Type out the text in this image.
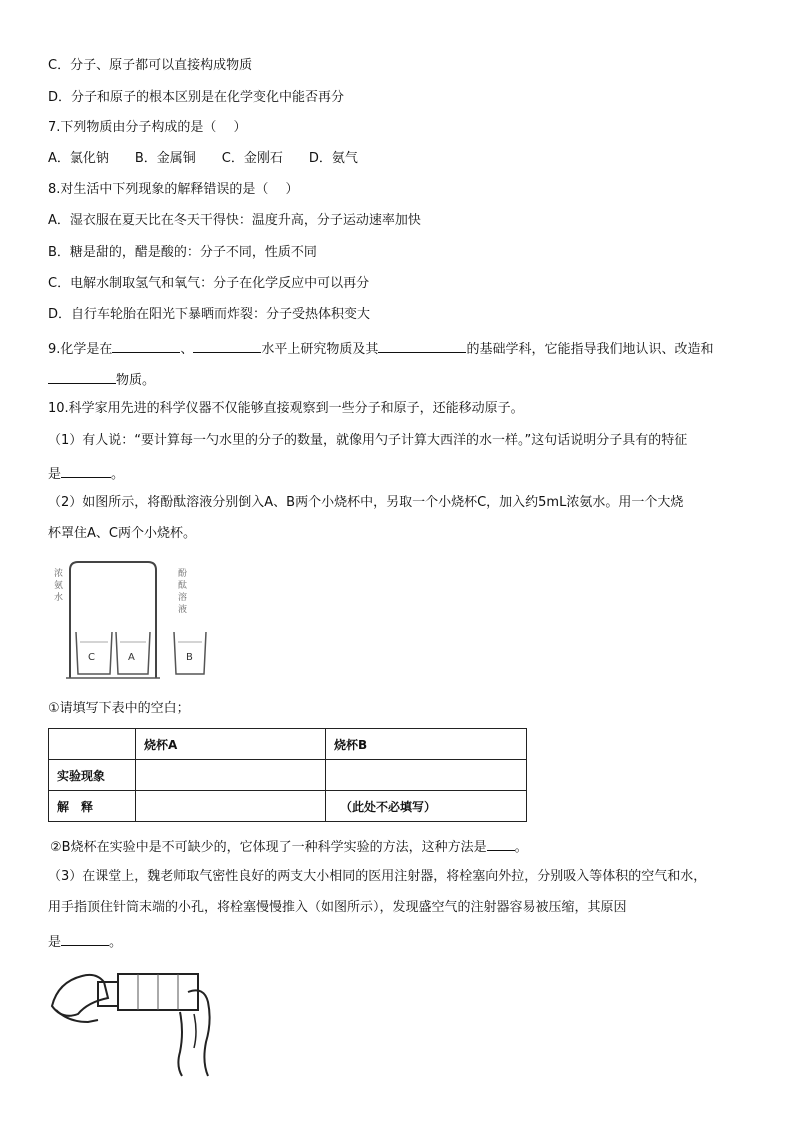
C．分子、原子都可以直接构成物质
D．分子和原子的根本区别是在化学变化中能否再分
7.下列物质由分子构成的是（　 ）
A．氯化钠　　B．金属铜　　C．金刚石　　D．氨气
8.对生活中下列现象的解释错误的是（　 ）
A．湿衣服在夏天比在冬天干得快：温度升高，分子运动速率加快
B．糖是甜的，醋是酸的：分子不同，性质不同
C．电解水制取氢气和氧气：分子在化学反应中可以再分
D．自行车轮胎在阳光下暴晒而炸裂：分子受热体积变大
9.化学是在	、	水平上研究物质及其	的基础学科，它能指导我们地认识、改造和
物质。
10.科学家用先进的科学仪器不仅能够直接观察到一些分子和原子，还能移动原子。
（1）有人说：“要计算每一勺水里的分子的数量，就像用勺子计算大西洋的水一样。”这句话说明分子具有的特征
是	。
（2）如图所示，将酚酞溶液分别倒入A、B两个小烧杯中，另取一个小烧杯C，加入约5mL浓氨水。用一个大烧
杯罩住A、C两个小烧杯。
C	A	B
浓
氨
水
酚
酞
溶
液
①请填写下表中的空白；
	烧杯A	烧杯B
实验现象		
解　释		（此处不必填写）
②B烧杯在实验中是不可缺少的，它体现了一种科学实验的方法，这种方法是 。
（3）在课堂上，魏老师取气密性良好的两支大小相同的医用注射器，将栓塞向外拉，分别吸入等体积的空气和水，
用手指顶住针筒末端的小孔，将栓塞慢慢推入（如图所示），发现盛空气的注射器容易被压缩，其原因
是	。
